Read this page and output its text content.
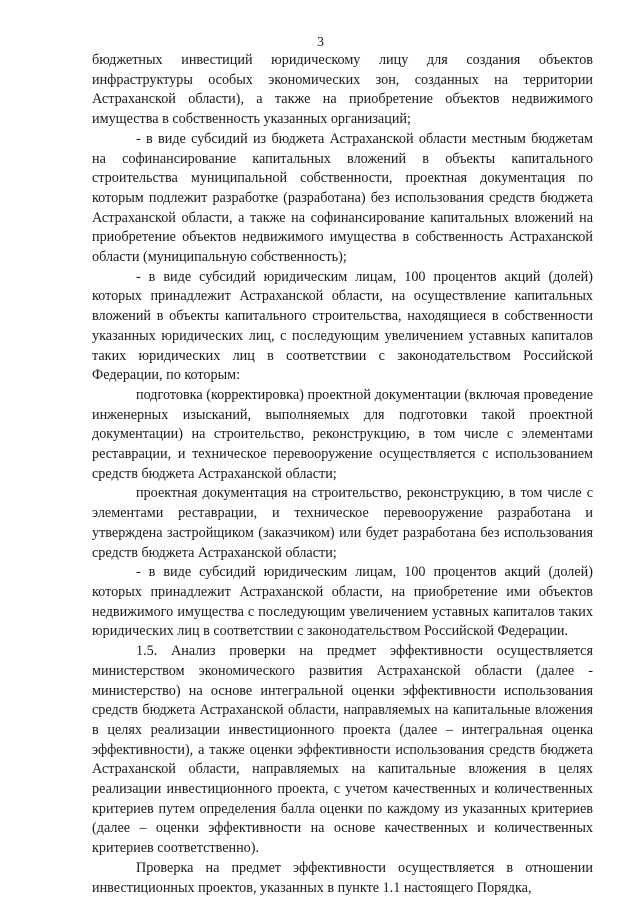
3

бюджетных инвестиций юридическому лицу для создания объектов инфраструктуры особых экономических зон, созданных на территории Астраханской области), а также на приобретение объектов недвижимого имущества в собственность указанных организаций;

- в виде субсидий из бюджета Астраханской области местным бюджетам на софинансирование капитальных вложений в объекты капитального строительства муниципальной собственности, проектная документация по которым подлежит разработке (разработана) без использования средств бюджета Астраханской области, а также на софинансирование капитальных вложений на приобретение объектов недвижимого имущества в собственность Астраханской области (муниципальную собственность);

- в виде субсидий юридическим лицам, 100 процентов акций (долей) которых принадлежит Астраханской области, на осуществление капитальных вложений в объекты капитального строительства, находящиеся в собственности указанных юридических лиц, с последующим увеличением уставных капиталов таких юридических лиц в соответствии с законодательством Российской Федерации, по которым:

подготовка (корректировка) проектной документации (включая проведение инженерных изысканий, выполняемых для подготовки такой проектной документации) на строительство, реконструкцию, в том числе с элементами реставрации, и техническое перевооружение осуществляется с использованием средств бюджета Астраханской области;

проектная документация на строительство, реконструкцию, в том числе с элементами реставрации, и техническое перевооружение разработана и утверждена застройщиком (заказчиком) или будет разработана без использования средств бюджета Астраханской области;

- в виде субсидий юридическим лицам, 100 процентов акций (долей) которых принадлежит Астраханской области, на приобретение ими объектов недвижимого имущества с последующим увеличением уставных капиталов таких юридических лиц в соответствии с законодательством Российской Федерации.

1.5. Анализ проверки на предмет эффективности осуществляется министерством экономического развития Астраханской области (далее - министерство) на основе интегральной оценки эффективности использования средств бюджета Астраханской области, направляемых на капитальные вложения в целях реализации инвестиционного проекта (далее – интегральная оценка эффективности), а также оценки эффективности использования средств бюджета Астраханской области, направляемых на капитальные вложения в целях реализации инвестиционного проекта, с учетом качественных и количественных критериев путем определения балла оценки по каждому из указанных критериев (далее – оценки эффективности на основе качественных и количественных критериев соответственно).

Проверка на предмет эффективности осуществляется в отношении инвестиционных проектов, указанных в пункте 1.1 настоящего Порядка,
